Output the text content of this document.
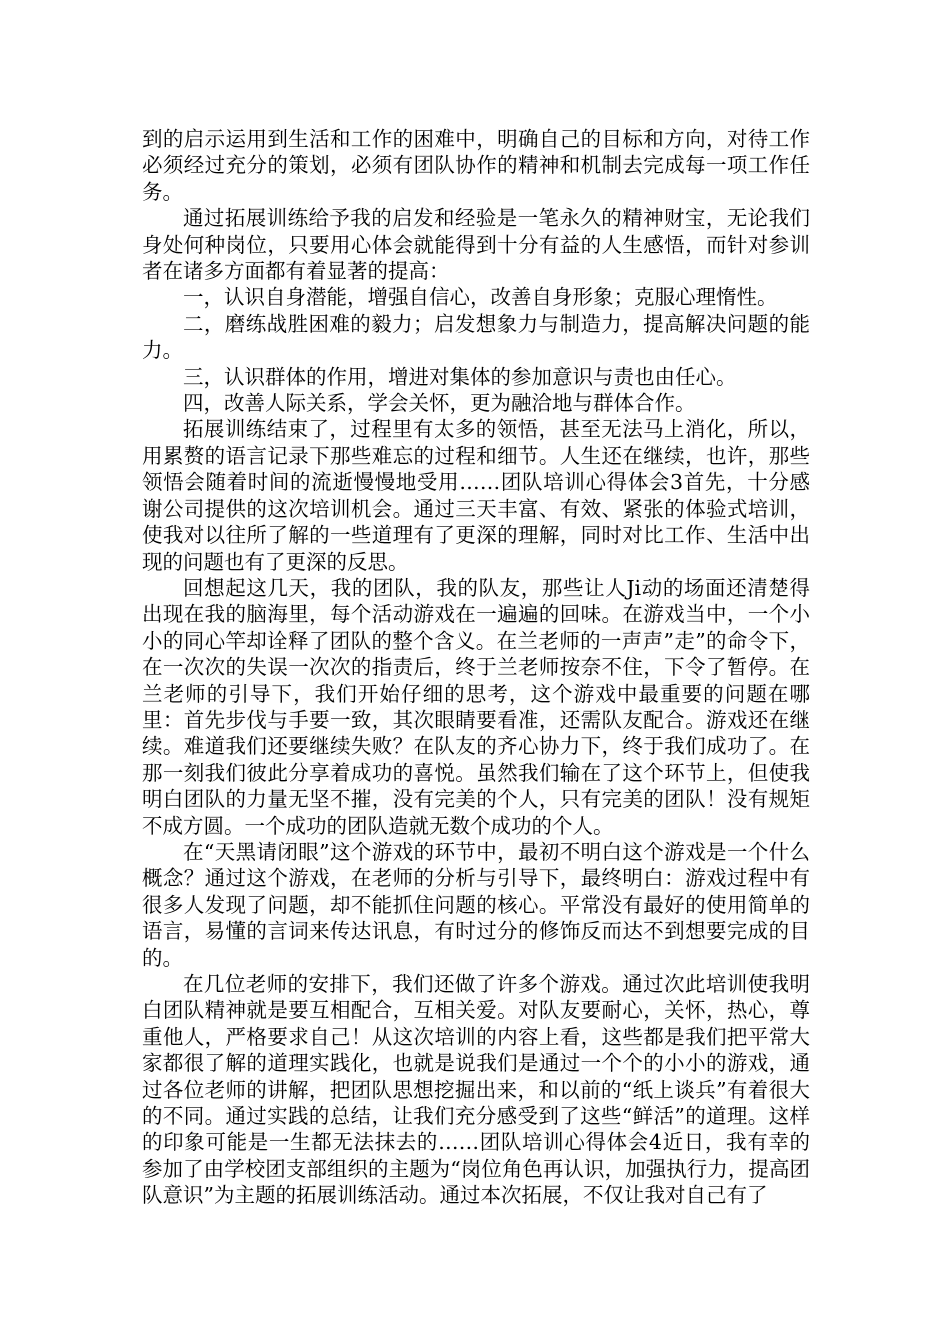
到的启示运用到生活和工作的困难中，明确自己的目标和方向，对待工作必须经过充分的策划，必须有团队协作的精神和机制去完成每一项工作任务。

通过拓展训练给予我的启发和经验是一笔永久的精神财宝，无论我们身处何种岗位，只要用心体会就能得到十分有益的人生感悟，而针对参训者在诸多方面都有着显著的提高：

一，认识自身潜能，增强自信心，改善自身形象；克服心理惰性。

二，磨练战胜困难的毅力；启发想象力与制造力，提高解决问题的能力。

三，认识群体的作用，增进对集体的参加意识与责也由任心。

四，改善人际关系，学会关怀，更为融洽地与群体合作。

拓展训练结束了，过程里有太多的领悟，甚至无法马上消化，所以，用累赘的语言记录下那些难忘的过程和细节。人生还在继续，也许，那些领悟会随着时间的流逝慢慢地受用……团队培训心得体会3首先，十分感谢公司提供的这次培训机会。通过三天丰富、有效、紧张的体验式培训，使我对以往所了解的一些道理有了更深的理解，同时对比工作、生活中出现的问题也有了更深的反思。

回想起这几天，我的团队，我的队友，那些让人Ji动的场面还清楚得出现在我的脑海里，每个活动游戏在一遍遍的回味。在游戏当中，一个小小的同心竿却诠释了团队的整个含义。在兰老师的一声声”走”的命令下，在一次次的失误一次次的指责后，终于兰老师按奈不住，下令了暂停。在兰老师的引导下，我们开始仔细的思考，这个游戏中最重要的问题在哪里：首先步伐与手要一致，其次眼睛要看准，还需队友配合。游戏还在继续。难道我们还要继续失败？在队友的齐心协力下，终于我们成功了。在那一刻我们彼此分享着成功的喜悦。虽然我们输在了这个环节上，但使我明白团队的力量无坚不摧，没有完美的个人，只有完美的团队！没有规矩不成方圆。一个成功的团队造就无数个成功的个人。

在“天黑请闭眼”这个游戏的环节中，最初不明白这个游戏是一个什么概念？通过这个游戏，在老师的分析与引导下，最终明白：游戏过程中有很多人发现了问题，却不能抓住问题的核心。平常没有最好的使用简单的语言，易懂的言词来传达讯息，有时过分的修饰反而达不到想要完成的目的。

在几位老师的安排下，我们还做了许多个游戏。通过次此培训使我明白团队精神就是要互相配合，互相关爱。对队友要耐心，关怀，热心，尊重他人，严格要求自己！从这次培训的内容上看，这些都是我们把平常大家都很了解的道理实践化，也就是说我们是通过一个个的小小的游戏，通过各位老师的讲解，把团队思想挖掘出来，和以前的“纸上谈兵”有着很大的不同。通过实践的总结，让我们充分感受到了这些“鲜活”的道理。这样的印象可能是一生都无法抹去的……团队培训心得体会4近日，我有幸的参加了由学校团支部组织的主题为“岗位角色再认识，加强执行力，提高团队意识”为主题的拓展训练活动。通过本次拓展，不仅让我对自己有了
